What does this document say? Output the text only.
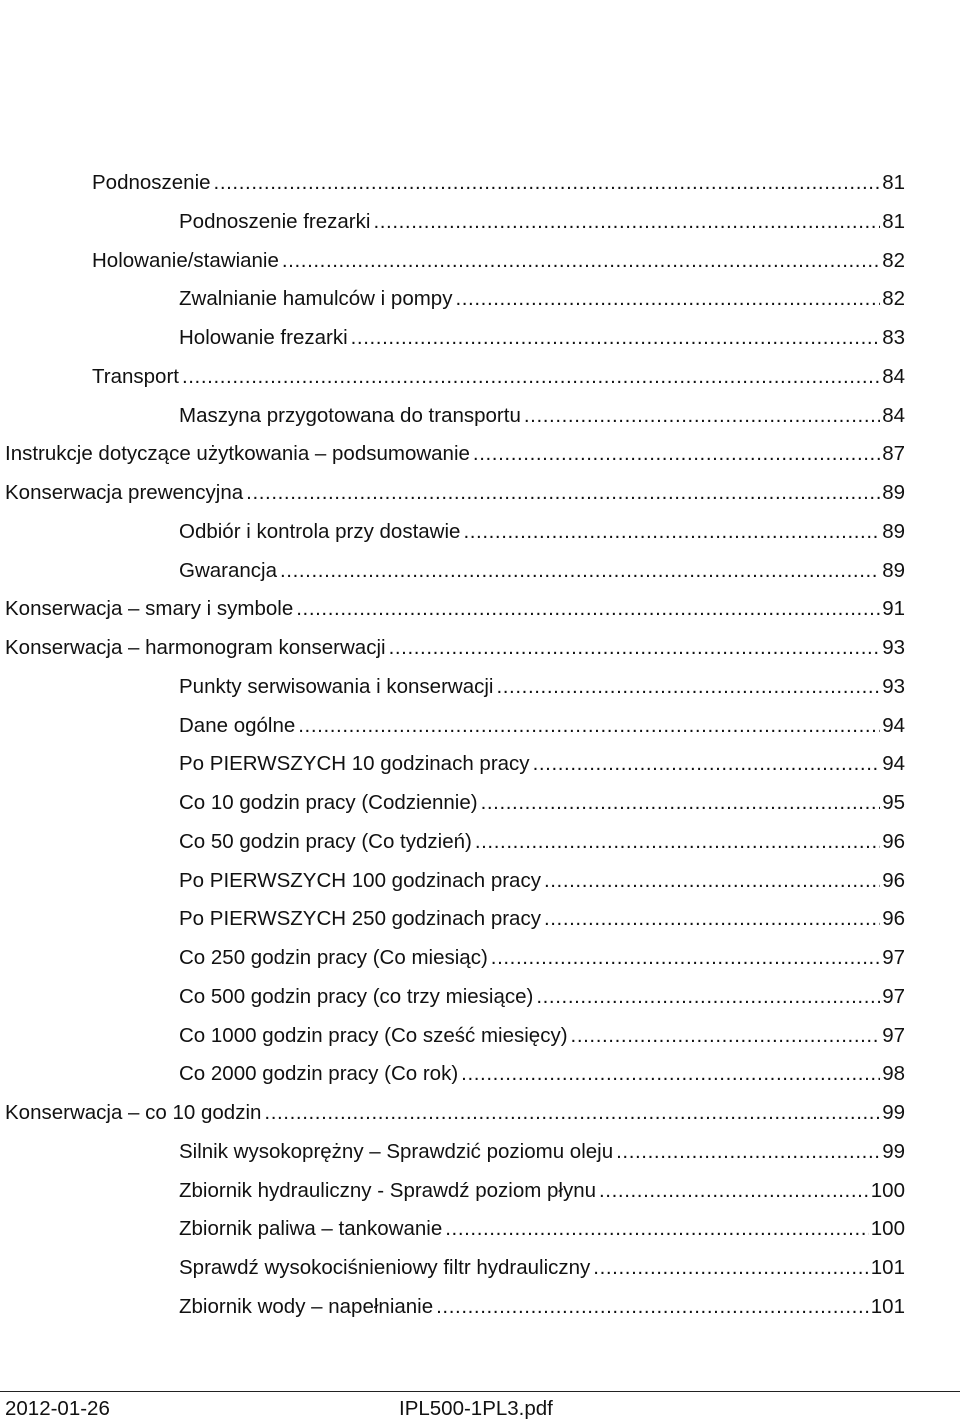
Podnoszenie .....	81
Podnoszenie frezarki .....	81
Holowanie/stawianie .....	82
Zwalnianie hamulców i pompy .....	82
Holowanie frezarki .....	83
Transport .....	84
Maszyna przygotowana do transportu .....	84
Instrukcje dotyczące użytkowania – podsumowanie .....	87
Konserwacja prewencyjna .....	89
Odbiór i kontrola przy dostawie .....	89
Gwarancja .....	89
Konserwacja – smary i symbole .....	91
Konserwacja – harmonogram konserwacji .....	93
Punkty serwisowania i konserwacji .....	93
Dane ogólne .....	94
Po PIERWSZYCH 10 godzinach pracy .....	94
Co 10 godzin pracy (Codziennie) .....	95
Co 50 godzin pracy (Co tydzień) .....	96
Po PIERWSZYCH 100 godzinach pracy .....	96
Po PIERWSZYCH 250 godzinach pracy .....	96
Co 250 godzin pracy (Co miesiąc) .....	97
Co 500 godzin pracy (co trzy miesiące) .....	97
Co 1000 godzin pracy (Co sześć miesięcy) .....	97
Co 2000 godzin pracy (Co rok) .....	98
Konserwacja – co 10 godzin .....	99
Silnik wysokoprężny – Sprawdzić poziomu oleju .....	99
Zbiornik hydrauliczny - Sprawdź poziom płynu .....	100
Zbiornik paliwa – tankowanie .....	100
Sprawdź wysokociśnieniowy filtr hydrauliczny .....	101
Zbiornik wody – napełnianie .....	101
2012-01-26	IPL500-1PL3.pdf
